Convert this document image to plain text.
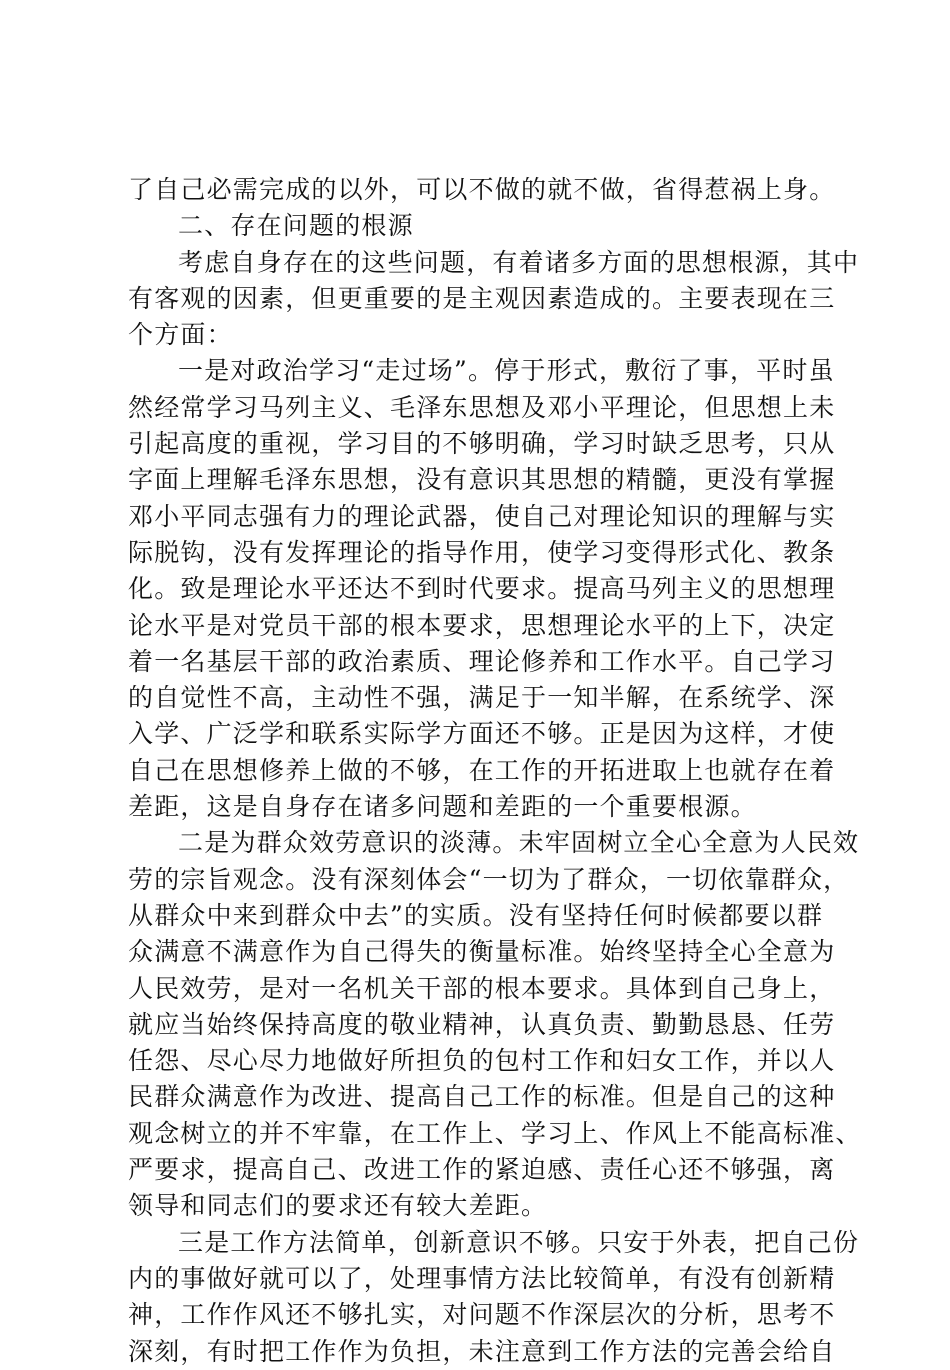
了自己必需完成的以外，可以不做的就不做，省得惹祸上身。
二、存在问题的根源
考虑自身存在的这些问题，有着诸多方面的思想根源，其中
有客观的因素，但更重要的是主观因素造成的。主要表现在三
个方面：
一是对政治学习“走过场”。停于形式，敷衍了事，平时虽
然经常学习马列主义、毛泽东思想及邓小平理论，但思想上未
引起高度的重视，学习目的不够明确，学习时缺乏思考，只从
字面上理解毛泽东思想，没有意识其思想的精髓，更没有掌握
邓小平同志强有力的理论武器，使自己对理论知识的理解与实
际脱钩，没有发挥理论的指导作用，使学习变得形式化、教条
化。致是理论水平还达不到时代要求。提高马列主义的思想理
论水平是对党员干部的根本要求，思想理论水平的上下，决定
着一名基层干部的政治素质、理论修养和工作水平。自己学习
的自觉性不高，主动性不强，满足于一知半解，在系统学、深
入学、广泛学和联系实际学方面还不够。正是因为这样，才使
自己在思想修养上做的不够，在工作的开拓进取上也就存在着
差距，这是自身存在诸多问题和差距的一个重要根源。
二是为群众效劳意识的淡薄。未牢固树立全心全意为人民效
劳的宗旨观念。没有深刻体会“一切为了群众，一切依靠群众，
从群众中来到群众中去”的实质。没有坚持任何时候都要以群
众满意不满意作为自己得失的衡量标准。始终坚持全心全意为
人民效劳，是对一名机关干部的根本要求。具体到自己身上，
就应当始终保持高度的敬业精神，认真负责、勤勤恳恳、任劳
任怨、尽心尽力地做好所担负的包村工作和妇女工作，并以人
民群众满意作为改进、提高自己工作的标准。但是自己的这种
观念树立的并不牢靠，在工作上、学习上、作风上不能高标准、
严要求，提高自己、改进工作的紧迫感、责任心还不够强，离
领导和同志们的要求还有较大差距。
三是工作方法简单，创新意识不够。只安于外表，把自己份
内的事做好就可以了，处理事情方法比较简单，有没有创新精
神，工作作风还不够扎实，对问题不作深层次的分析，思考不
深刻，有时把工作作为负担，未注意到工作方法的完善会给自
